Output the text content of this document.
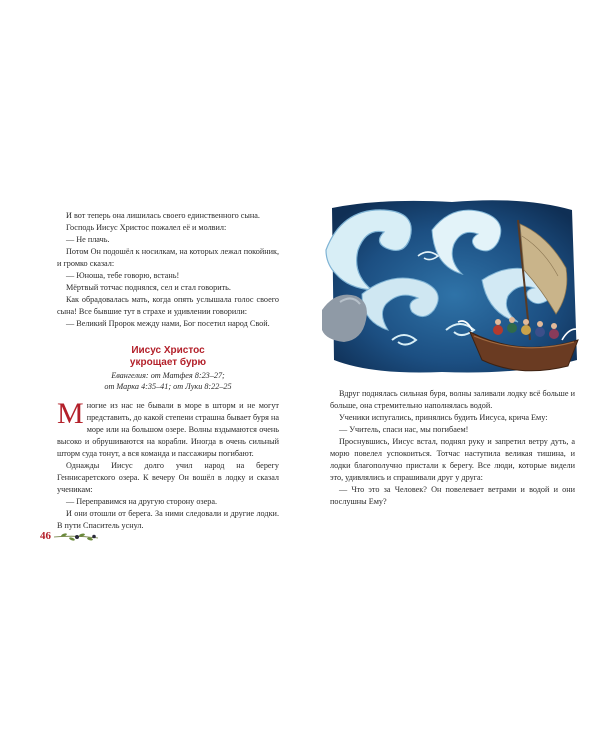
И вот теперь она лишилась своего единственного сына.

Господь Иисус Христос пожалел её и молвил:

— Не плачь.

Потом Он подошёл к носилкам, на которых лежал покойник, и громко сказал:

— Юноша, тебе говорю, встань!

Мёртвый тотчас поднялся, сел и стал говорить.

Как обрадовалась мать, когда опять услышала голос своего сына! Все бывшие тут в страхе и удивлении говорили:

— Великий Пророк между нами, Бог посетил народ Свой.

Иисус Христос
укрощает бурю
Евангелия: от Матфея 8:23–27;
от Марка 4:35–41; от Луки 8:22–25

Многие из нас не бывали в море в шторм и не могут представить, до какой степени страшна бывает буря на море или на большом озере. Волны вздымаются очень высоко и обрушиваются на корабли. Иногда в очень сильный шторм суда тонут, а вся команда и пассажиры погибают.

Однажды Иисус долго учил народ на берегу Геннисаретского озера. К вечеру Он вошёл в лодку и сказал ученикам:

— Переправимся на другую сторону озера.

И они отошли от берега. За ними следовали и другие лодки. В пути Спаситель уснул.

46

Вдруг поднялась сильная буря, волны заливали лодку всё больше и больше, она стремительно наполнялась водой.

Ученики испугались, принялись будить Иисуса, крича Ему:

— Учитель, спаси нас, мы погибаем!

Проснувшись, Иисус встал, поднял руку и запретил ветру дуть, а морю повелел успокоиться. Тотчас наступила великая тишина, и лодки благополучно пристали к берегу. Все люди, которые видели это, удивлялись и спрашивали друг у друга:

— Что это за Человек? Он повелевает ветрами и водой и они послушны Ему?
